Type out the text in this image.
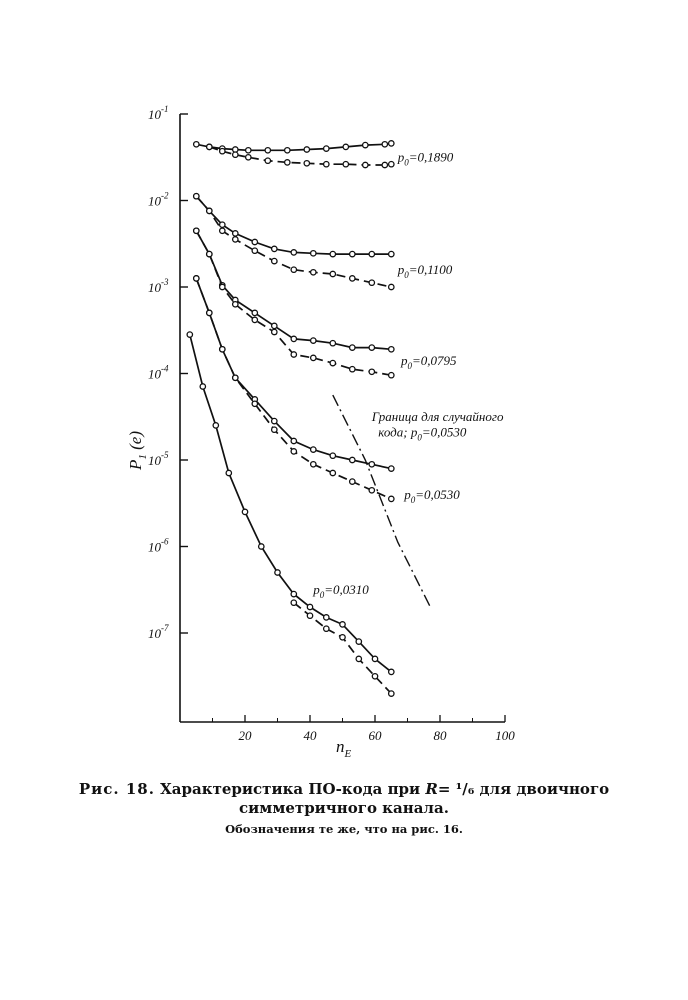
$10^{-1}$
$10^{-2}$
$10^{-3}$
$10^{-4}$
$10^{-5}$
$10^{-6}$
$10^{-7}$
20	40	60	80	100
$n_E$
$P_1$ (e)
$p_0=0,1890$
$p_0=0,1100$
$p_0=0,0795$
$p_0=0,0530$
$p_0=0,0310$
Граница для случайного
кода; $p_0=0,0530$
Рис. 18. Характеристика ПО-кода при R= ¹/₆ для двоичного
симметричного канала.
Обозначения те же, что на рис. 16.
